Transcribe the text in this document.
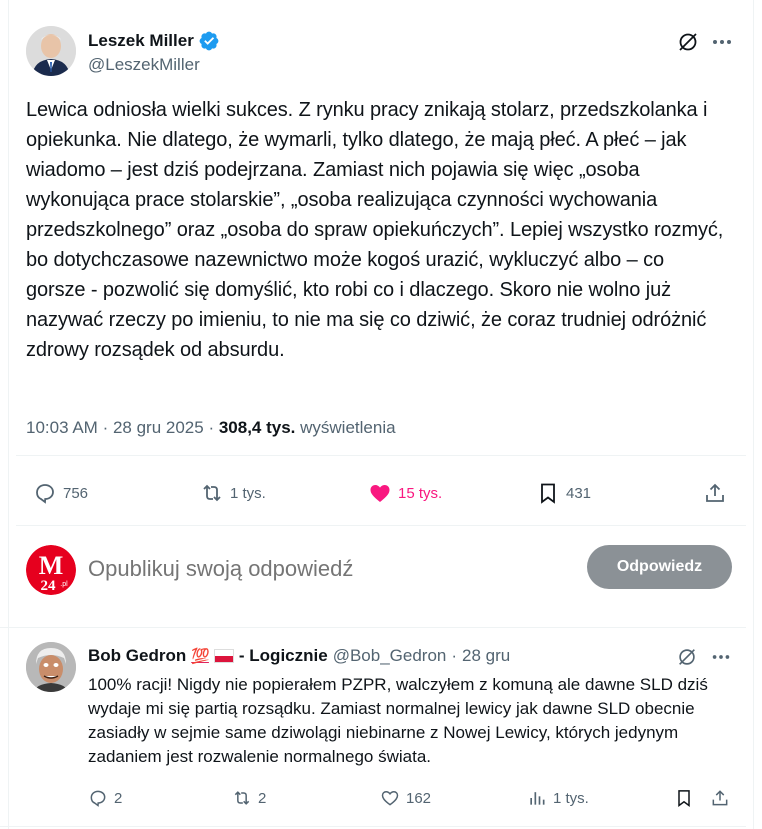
Leszek Miller
@LeszekMiller
Lewica odniosła wielki sukces. Z rynku pracy znikają stolarz, przedszkolanka i opiekunka. Nie dlatego, że wymarli, tylko dlatego, że mają płeć. A płeć – jak wiadomo – jest dziś podejrzana. Zamiast nich pojawia się więc „osoba wykonująca prace stolarskie”, „osoba realizująca czynności wychowania przedszkolnego” oraz „osoba do spraw opiekuńczych”. Lepiej wszystko rozmyć, bo dotychczasowe nazewnictwo może kogoś urazić, wykluczyć albo – co gorsze - pozwolić się domyślić, kto robi co i dlaczego. Skoro nie wolno już nazywać rzeczy po imieniu, to nie ma się co dziwić, że coraz trudniej odróżnić zdrowy rozsądek od absurdu.
10:03 AM · 28 gru 2025 · 308,4 tys. wyświetlenia
756	1 tys.	15 tys.	431
M
24 .pl
Opublikuj swoją odpowiedź
Odpowiedz
Bob Gedron 💯 - Logicznie @Bob_Gedron · 28 gru
100% racji! Nigdy nie popierałem PZPR, walczyłem z komuną ale dawne SLD dziś wydaje mi się partią rozsądku. Zamiast normalnej lewicy jak dawne SLD obecnie zasiadły w sejmie same dziwolągi niebinarne z Nowej Lewicy, których jedynym zadaniem jest rozwalenie normalnego świata.
2	2	162	1 tys.
